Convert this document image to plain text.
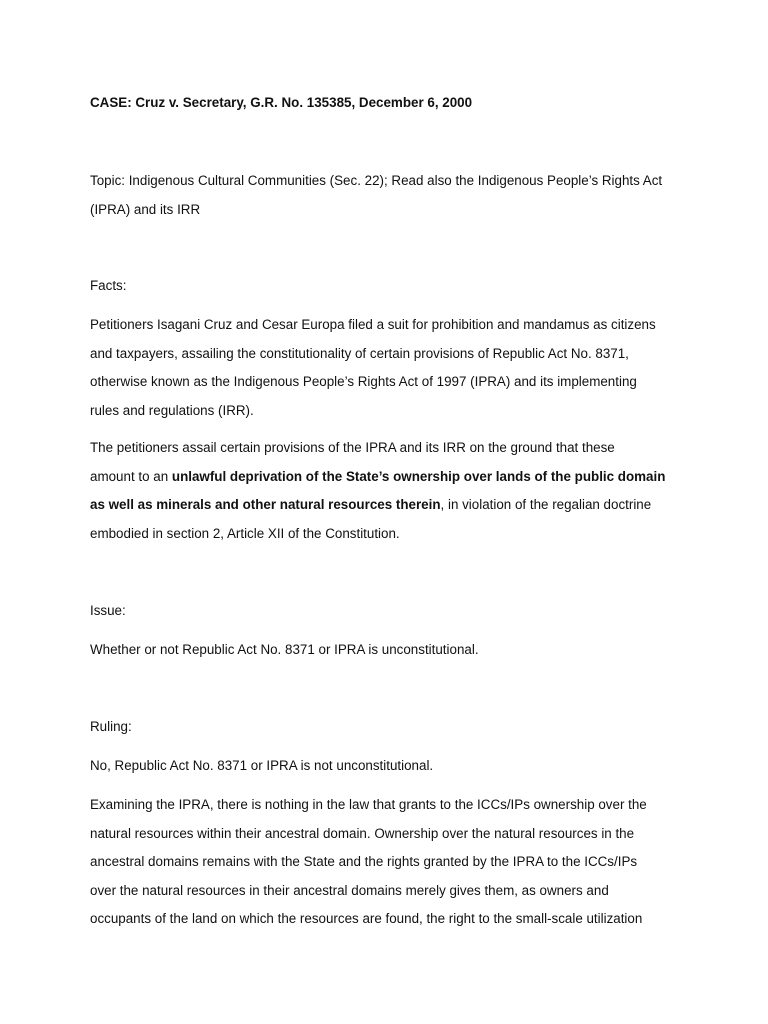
CASE: Cruz v. Secretary, G.R. No. 135385, December 6, 2000
Topic: Indigenous Cultural Communities (Sec. 22); Read also the Indigenous People’s Rights Act
(IPRA) and its IRR
Facts:
Petitioners Isagani Cruz and Cesar Europa filed a suit for prohibition and mandamus as citizens
and taxpayers, assailing the constitutionality of certain provisions of Republic Act No. 8371,
otherwise known as the Indigenous People’s Rights Act of 1997 (IPRA) and its implementing
rules and regulations (IRR).
The petitioners assail certain provisions of the IPRA and its IRR on the ground that these
amount to an unlawful deprivation of the State’s ownership over lands of the public domain
as well as minerals and other natural resources therein, in violation of the regalian doctrine
embodied in section 2, Article XII of the Constitution.
Issue:
Whether or not Republic Act No. 8371 or IPRA is unconstitutional.
Ruling:
No, Republic Act No. 8371 or IPRA is not unconstitutional.
Examining the IPRA, there is nothing in the law that grants to the ICCs/IPs ownership over the
natural resources within their ancestral domain. Ownership over the natural resources in the
ancestral domains remains with the State and the rights granted by the IPRA to the ICCs/IPs
over the natural resources in their ancestral domains merely gives them, as owners and
occupants of the land on which the resources are found, the right to the small-scale utilization
